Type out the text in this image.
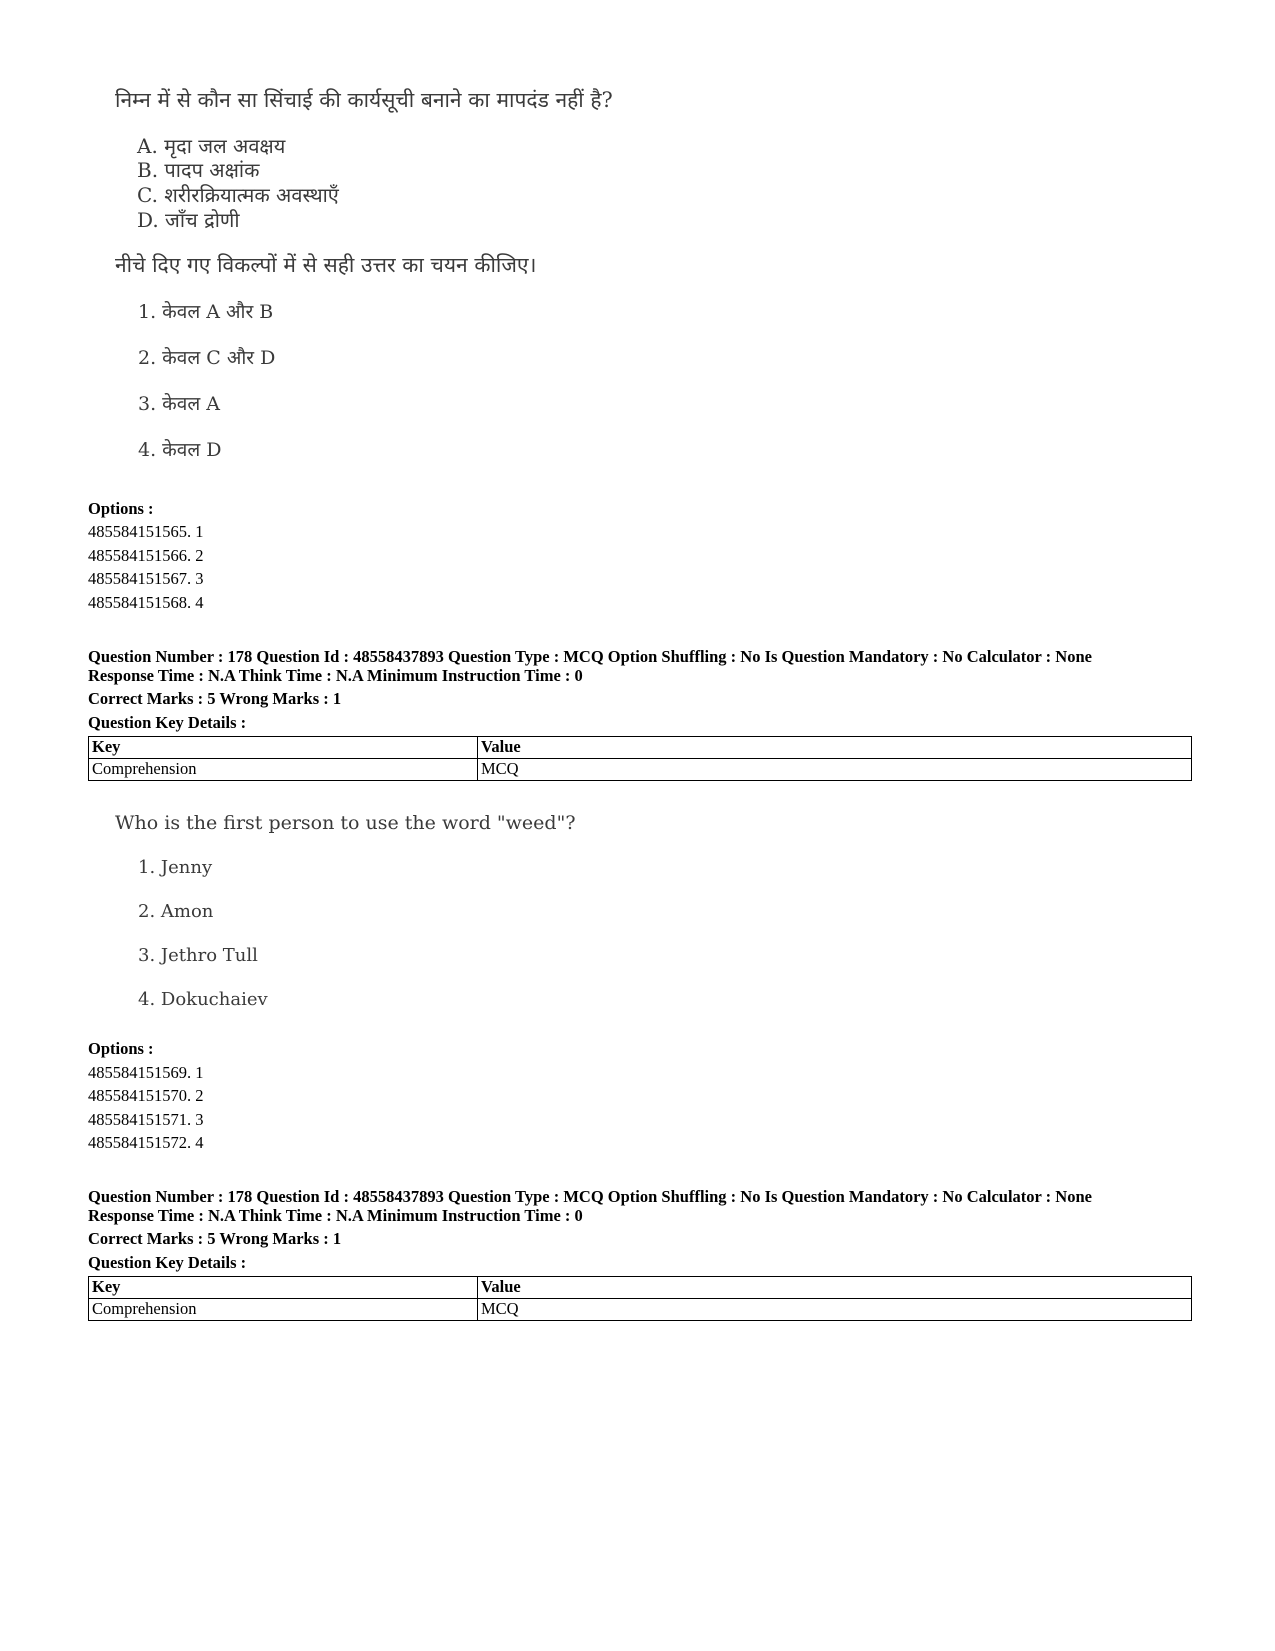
निम्न में से कौन सा सिंचाई की कार्यसूची बनाने का मापदंड नहीं है?
A. मृदा जल अवक्षय
B. पादप अक्षांक
C. शरीरक्रियात्मक अवस्थाएँ
D. जाँच द्रोणी
नीचे दिए गए विकल्पों में से सही उत्तर का चयन कीजिए।
1. केवल A और B
2. केवल C और D
3. केवल A
4. केवल D
Options :
485584151565. 1
485584151566. 2
485584151567. 3
485584151568. 4
Question Number : 178 Question Id : 48558437893 Question Type : MCQ Option Shuffling : No Is Question Mandatory : No Calculator : None
Response Time : N.A Think Time : N.A Minimum Instruction Time : 0
Correct Marks : 5 Wrong Marks : 1
Question Key Details :
Key	Value
Comprehension	MCQ
Who is the first person to use the word "weed"?
1. Jenny
2. Amon
3. Jethro Tull
4. Dokuchaiev
Options :
485584151569. 1
485584151570. 2
485584151571. 3
485584151572. 4
Question Number : 178 Question Id : 48558437893 Question Type : MCQ Option Shuffling : No Is Question Mandatory : No Calculator : None
Response Time : N.A Think Time : N.A Minimum Instruction Time : 0
Correct Marks : 5 Wrong Marks : 1
Question Key Details :
Key	Value
Comprehension	MCQ
